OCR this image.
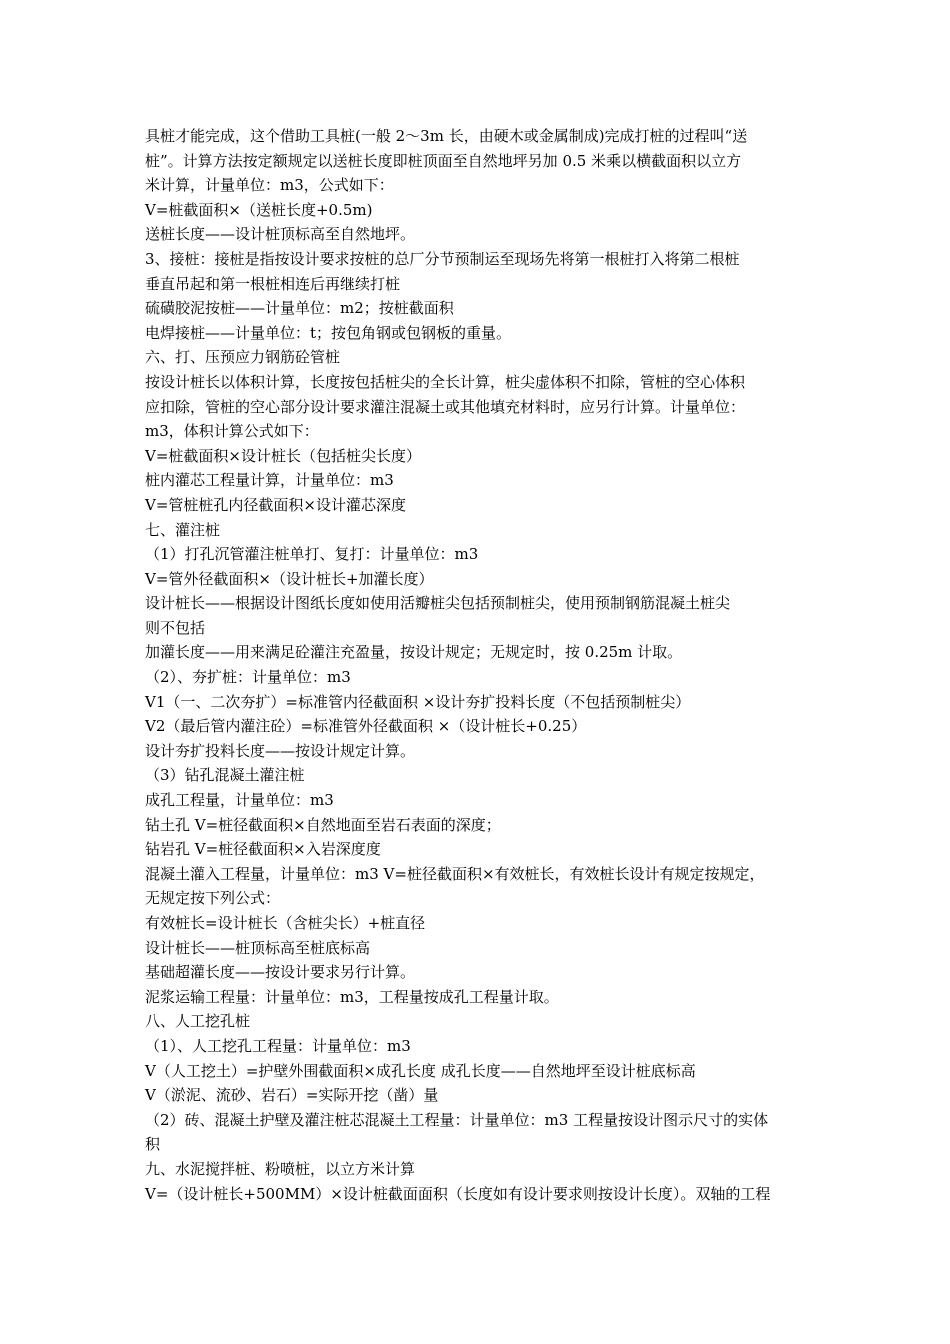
具桩才能完成，这个借助工具桩(一般 2～3m 长，由硬木或金属制成)完成打桩的过程叫“送
桩”。计算方法按定额规定以送桩长度即桩顶面至自然地坪另加 0.5 米乘以横截面积以立方
米计算，计量单位：m3，公式如下：
V=桩截面积×（送桩长度+0.5m)
送桩长度——设计桩顶标高至自然地坪。
3、接桩：接桩是指按设计要求按桩的总厂分节预制运至现场先将第一根桩打入将第二根桩
垂直吊起和第一根桩相连后再继续打桩
硫磺胶泥按桩——计量单位：m2；按桩截面积
电焊接桩——计量单位：t；按包角钢或包钢板的重量。
六、打、压预应力钢筋砼管桩
按设计桩长以体积计算，长度按包括桩尖的全长计算，桩尖虚体积不扣除，管桩的空心体积
应扣除，管桩的空心部分设计要求灌注混凝土或其他填充材料时，应另行计算。计量单位：
m3，体积计算公式如下：
V=桩截面积×设计桩长（包括桩尖长度）
桩内灌芯工程量计算，计量单位：m3
V=管桩桩孔内径截面积×设计灌芯深度
七、灌注桩
（1）打孔沉管灌注桩单打、复打：计量单位：m3
V=管外径截面积×（设计桩长+加灌长度）
设计桩长——根据设计图纸长度如使用活瓣桩尖包括预制桩尖，使用预制钢筋混凝土桩尖
则不包括
加灌长度——用来满足砼灌注充盈量，按设计规定；无规定时，按 0.25m 计取。
（2）、夯扩桩：计量单位：m3
V1（一、二次夯扩）=标准管内径截面积 ×设计夯扩投料长度（不包括预制桩尖）
V2（最后管内灌注砼）=标准管外径截面积 ×（设计桩长+0.25）
设计夯扩投料长度——按设计规定计算。
（3）钻孔混凝土灌注桩
成孔工程量，计量单位：m3
钻土孔 V=桩径截面积×自然地面至岩石表面的深度；
钻岩孔 V=桩径截面积×入岩深度度
混凝土灌入工程量，计量单位：m3 V=桩径截面积×有效桩长，有效桩长设计有规定按规定，
无规定按下列公式：
有效桩长=设计桩长（含桩尖长）+桩直径
设计桩长——桩顶标高至桩底标高
基础超灌长度——按设计要求另行计算。
泥浆运输工程量：计量单位：m3，工程量按成孔工程量计取。
八、人工挖孔桩
（1）、人工挖孔工程量：计量单位：m3
V（人工挖土）=护壁外围截面积×成孔长度 成孔长度——自然地坪至设计桩底标高
V（淤泥、流砂、岩石）=实际开挖（凿）量
（2）砖、混凝土护壁及灌注桩芯混凝土工程量：计量单位：m3 工程量按设计图示尺寸的实体
积
九、水泥搅拌桩、粉喷桩，以立方米计算
V=（设计桩长+500MM）×设计桩截面面积（长度如有设计要求则按设计长度）。双轴的工程
